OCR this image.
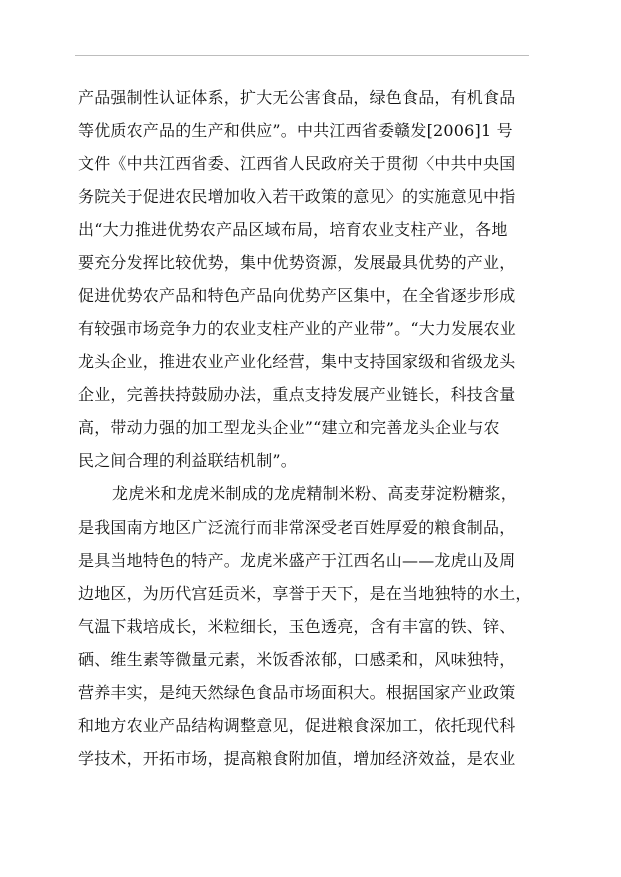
产品强制性认证体系，扩大无公害食品，绿色食品，有机食品
等优质农产品的生产和供应”。中共江西省委赣发[2006]1 号
文件《中共江西省委、江西省人民政府关于贯彻〈中共中央国
务院关于促进农民增加收入若干政策的意见〉的实施意见中指
出“大力推进优势农产品区域布局，培育农业支柱产业，各地
要充分发挥比较优势，集中优势资源，发展最具优势的产业，
促进优势农产品和特色产品向优势产区集中，在全省逐步形成
有较强市场竞争力的农业支柱产业的产业带”。“大力发展农业
龙头企业，推进农业产业化经营，集中支持国家级和省级龙头
企业，完善扶持鼓励办法，重点支持发展产业链长，科技含量
高，带动力强的加工型龙头企业”“建立和完善龙头企业与农
民之间合理的利益联结机制”。
龙虎米和龙虎米制成的龙虎精制米粉、高麦芽淀粉糖浆，
是我国南方地区广泛流行而非常深受老百姓厚爱的粮食制品，
是具当地特色的特产。龙虎米盛产于江西名山——龙虎山及周
边地区，为历代宫廷贡米，享誉于天下，是在当地独特的水土，
气温下栽培成长，米粒细长，玉色透亮，含有丰富的铁、锌、
硒、维生素等微量元素，米饭香浓郁，口感柔和，风味独特，
营养丰实，是纯天然绿色食品市场面积大。根据国家产业政策
和地方农业产品结构调整意见，促进粮食深加工，依托现代科
学技术，开拓市场，提高粮食附加值，增加经济效益，是农业
